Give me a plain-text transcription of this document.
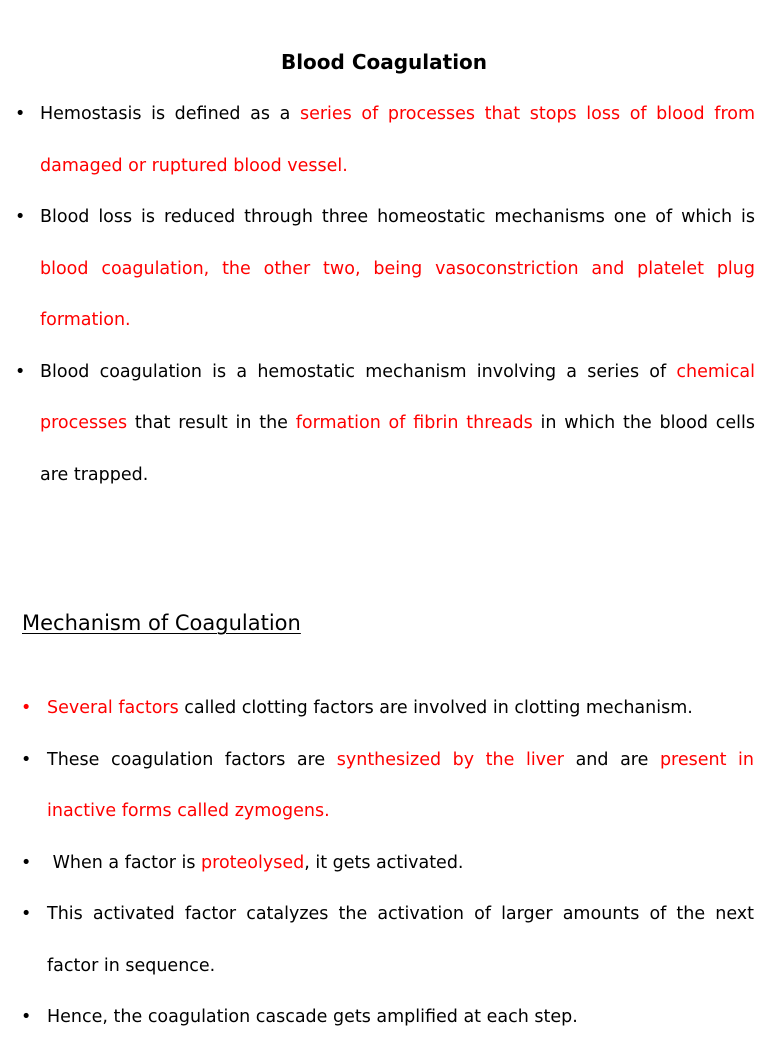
Blood Coagulation
• Hemostasis is defined as a series of processes that stops loss of blood from damaged or ruptured blood vessel.
• Blood loss is reduced through three homeostatic mechanisms one of which is blood coagulation, the other two, being vasoconstriction and platelet plug formation.
• Blood coagulation is a hemostatic mechanism involving a series of chemical processes that result in the formation of fibrin threads in which the blood cells are trapped.
Mechanism of Coagulation
• Several factors called clotting factors are involved in clotting mechanism.
• These coagulation factors are synthesized by the liver and are present in inactive forms called zymogens.
• When a factor is proteolysed, it gets activated.
• This activated factor catalyzes the activation of larger amounts of the next factor in sequence.
• Hence, the coagulation cascade gets amplified at each step.
